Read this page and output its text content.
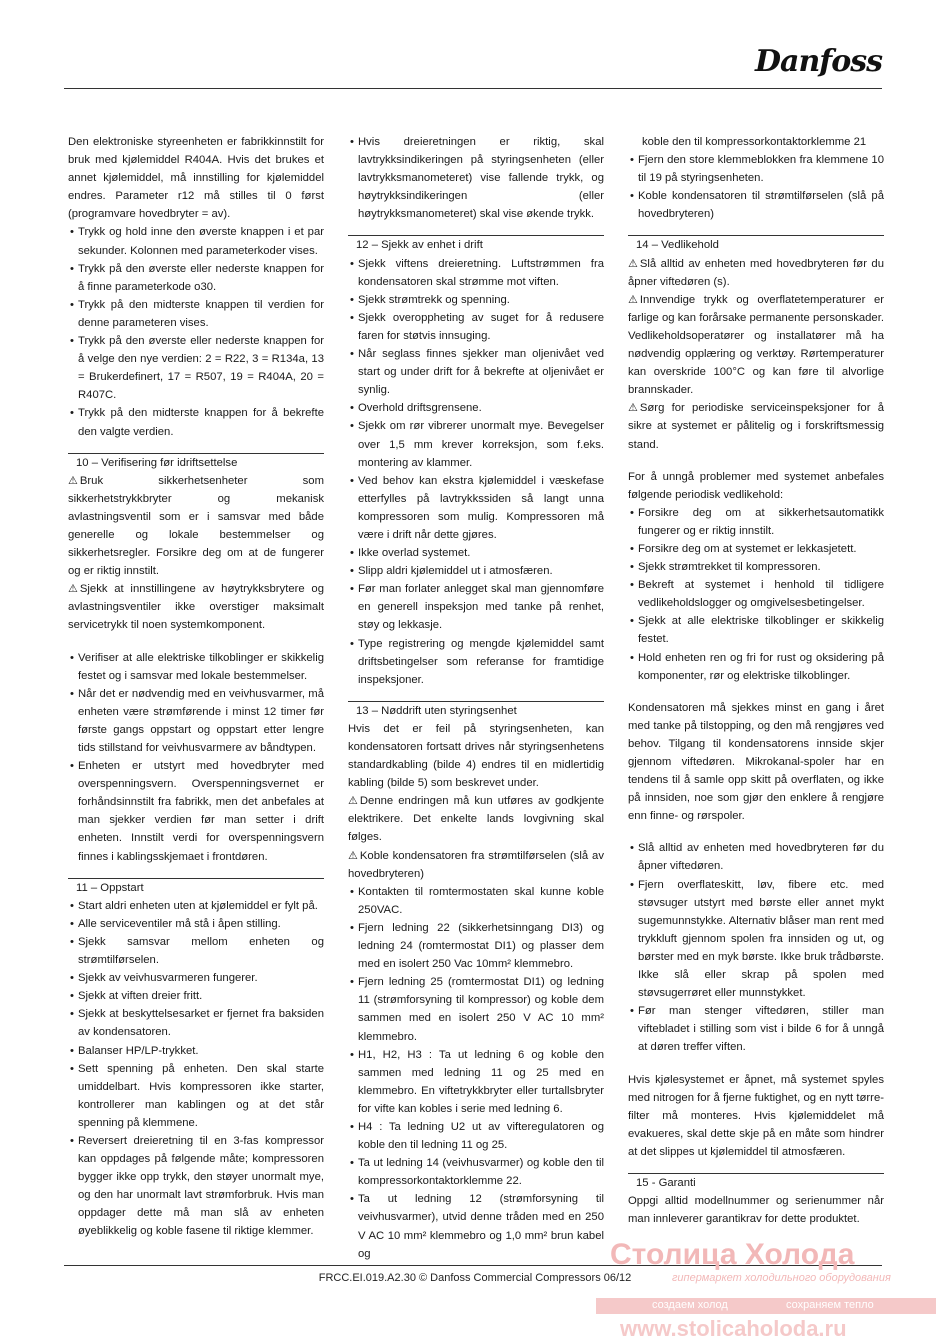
Danfoss

Den elektroniske styreenheten er fabrikkinnstilt for bruk med kjølemiddel R404A. Hvis det brukes et annet kjølemiddel, må innstilling for kjølemiddel endres. Parameter r12 må stilles til 0 først (programvare hovedbryter = av).

• Trykk og hold inne den øverste knappen i et par sekunder. Kolonnen med parameterkoder vises.
• Trykk på den øverste eller nederste knappen for å finne parameterkode o30.
• Trykk på den midterste knappen til verdien for denne parameteren vises.
• Trykk på den øverste eller nederste knappen for å velge den nye verdien: 2 = R22, 3 = R134a, 13 = Brukerdefinert, 17 = R507, 19 = R404A, 20 = R407C.
• Trykk på den midterste knappen for å bekrefte den valgte verdien.
10 – Verifisering før idriftsettelse

⚠ Bruk sikkerhetsenheter som sikkerhetstrykkbryter og mekanisk avlastningsventil som er i samsvar med både generelle og lokale bestemmelser og sikkerhetsregler. Forsikre deg om at de fungerer og er riktig innstilt.

⚠ Sjekk at innstillingene av høytrykksbrytere og avlastningsventiler ikke overstiger maksimalt servicetrykk til noen systemkomponent.

• Verifiser at alle elektriske tilkoblinger er skikkelig festet og i samsvar med lokale bestemmelser.
• Når det er nødvendig med en veivhusvarmer, må enheten være strømførende i minst 12 timer før første gangs oppstart og oppstart etter lengre tids stillstand for veivhusvarmere av båndtypen.
• Enheten er utstyrt med hovedbryter med overspenningsvern. Overspenningsvernet er forhåndsinnstilt fra fabrikk, men det anbefales at man sjekker verdien før man setter i drift enheten. Innstilt verdi for overspenningsvern finnes i kablingsskjemaet i frontdøren.
11 – Oppstart
• Start aldri enheten uten at kjølemiddel er fylt på.
• Alle serviceventiler må stå i åpen stilling.
• Sjekk samsvar mellom enheten og strømtilførselen.
• Sjekk av veivhusvarmeren fungerer.
• Sjekk at viften dreier fritt.
• Sjekk at beskyttelsesarket er fjernet fra baksiden av kondensatoren.
• Balanser HP/LP-trykket.
• Sett spenning på enheten. Den skal starte umiddelbart. Hvis kompressoren ikke starter, kontrollerer man kablingen og at det står spenning på klemmene.
• Reversert dreieretning til en 3-fas kompressor kan oppdages på følgende måte; kompressoren bygger ikke opp trykk, den støyer unormalt mye, og den har unormalt lavt strømforbruk. Hvis man oppdager dette må man slå av enheten øyeblikkelig og koble fasene til riktige klemmer.
• Hvis dreieretningen er riktig, skal lavtrykksindikeringen på styringsenheten (eller lavtrykksmanometeret) vise fallende trykk, og høytrykksindikeringen (eller høytrykksmanometeret) skal vise økende trykk.
12 – Sjekk av enhet i drift
• Sjekk viftens dreieretning. Luftstrømmen fra kondensatoren skal strømme mot viften.
• Sjekk strømtrekk og spenning.
• Sjekk overoppheting av suget for å redusere faren for støtvis innsuging.
• Når seglass finnes sjekker man oljenivået ved start og under drift for å bekrefte at oljenivået er synlig.
• Overhold driftsgrensene.
• Sjekk om rør vibrerer unormalt mye. Bevegelser over 1,5 mm krever korreksjon, som f.eks. montering av klammer.
• Ved behov kan ekstra kjølemiddel i væskefase etterfylles på lavtrykkssiden så langt unna kompressoren som mulig. Kompressoren må være i drift når dette gjøres.
• Ikke overlad systemet.
• Slipp aldri kjølemiddel ut i atmosfæren.
• Før man forlater anlegget skal man gjennomføre en generell inspeksjon med tanke på renhet, støy og lekkasje.
• Type registrering og mengde kjølemiddel samt driftsbetingelser som referanse for framtidige inspeksjoner.
13 – Nøddrift uten styringsenhet

Hvis det er feil på styringsenheten, kan kondensatoren fortsatt drives når styringsenhetens standardkabling (bilde 4) endres til en midlertidig kabling (bilde 5) som beskrevet under.

⚠ Denne endringen må kun utføres av godkjente elektrikere. Det enkelte lands lovgivning skal følges.

⚠ Koble kondensatoren fra strømtilførselen (slå av hovedbryteren)

• Kontakten til romtermostaten skal kunne koble 250VAC.
• Fjern ledning 22 (sikkerhetsinngang DI3) og ledning 24 (romtermostat DI1) og plasser dem med en isolert 250 Vac 10mm² klemmebro.
• Fjern ledning 25 (romtermostat DI1) og ledning 11 (strømforsyning til kompressor) og koble dem sammen med en isolert 250 V AC 10 mm² klemmebro.
• H1, H2, H3 : Ta ut ledning 6 og koble den sammen med ledning 11 og 25 med en klemmebro. En viftetrykkbryter eller turtallsbryter for vifte kan kobles i serie med ledning 6.
• H4 : Ta ledning U2 ut av vifteregulatoren og koble den til ledning 11 og 25.
• Ta ut ledning 14 (veivhusvarmer) og koble den til kompressorkontaktorklemme 22.
• Ta ut ledning 12 (strømforsyning til veivhusvarmer), utvid denne tråden med en 250 V AC 10 mm² klemmebro og 1,0 mm² brun kabel og

koble den til kompressorkontaktorklemme 21

• Fjern den store klemmeblokken fra klemmene 10 til 19 på styringsenheten.
• Koble kondensatoren til strømtilførselen (slå på hovedbryteren)
14 – Vedlikehold

⚠ Slå alltid av enheten med hovedbryteren før du åpner viftedøren (s).

⚠ Innvendige trykk og overflatetemperaturer er farlige og kan forårsake permanente personskader. Vedlikeholdsoperatører og installatører må ha nødvendig opplæring og verktøy. Rørtemperaturer kan overskride 100°C og kan føre til alvorlige brannskader.

⚠ Sørg for periodiske serviceinspeksjoner for å sikre at systemet er pålitelig og i forskriftsmessig stand.

For å unngå problemer med systemet anbefales følgende periodisk vedlikehold:

• Forsikre deg om at sikkerhetsautomatikk fungerer og er riktig innstilt.
• Forsikre deg om at systemet er lekkasjetett.
• Sjekk strømtrekket til kompressoren.
• Bekreft at systemet i henhold til tidligere vedlikeholdslogger og omgivelsesbetingelser.
• Sjekk at alle elektriske tilkoblinger er skikkelig festet.
• Hold enheten ren og fri for rust og oksidering på komponenter, rør og elektriske tilkoblinger.

Kondensatoren må sjekkes minst en gang i året med tanke på tilstopping, og den må rengjøres ved behov. Tilgang til kondensatorens innside skjer gjennom viftedøren. Mikrokanal-spoler har en tendens til å samle opp skitt på overflaten, og ikke på innsiden, noe som gjør den enklere å rengjøre enn finne- og rørspoler.

• Slå alltid av enheten med hovedbryteren før du åpner viftedøren.
• Fjern overflateskitt, løv, fibere etc. med støvsuger utstyrt med børste eller annet mykt sugemunnstykke. Alternativ blåser man rent med trykkluft gjennom spolen fra innsiden og ut, og børster med en myk børste. Ikke bruk trådbørste. Ikke slå eller skrap på spolen med støvsugerrøret eller munnstykket.
• Før man stenger viftedøren, stiller man viftebladet i stilling som vist i bilde 6 for å unngå at døren treffer viften.

Hvis kjølesystemet er åpnet, må systemet spyles med nitrogen for å fjerne fuktighet, og en nytt tørre-filter må monteres. Hvis kjølemiddelet må evakueres, skal dette skje på en måte som hindrer at det slippes ut kjølemiddel til atmosfæren.

15 - Garanti

Oppgi alltid modellnummer og serienummer når man innleverer garantikrav for dette produktet.

FRCC.EI.019.A2.30 © Danfoss Commercial Compressors 06/12
Столица Холода
гипермаркет холодильного оборудования
создаем холод	сохраняем тепло
www.stolicaholoda.ru
